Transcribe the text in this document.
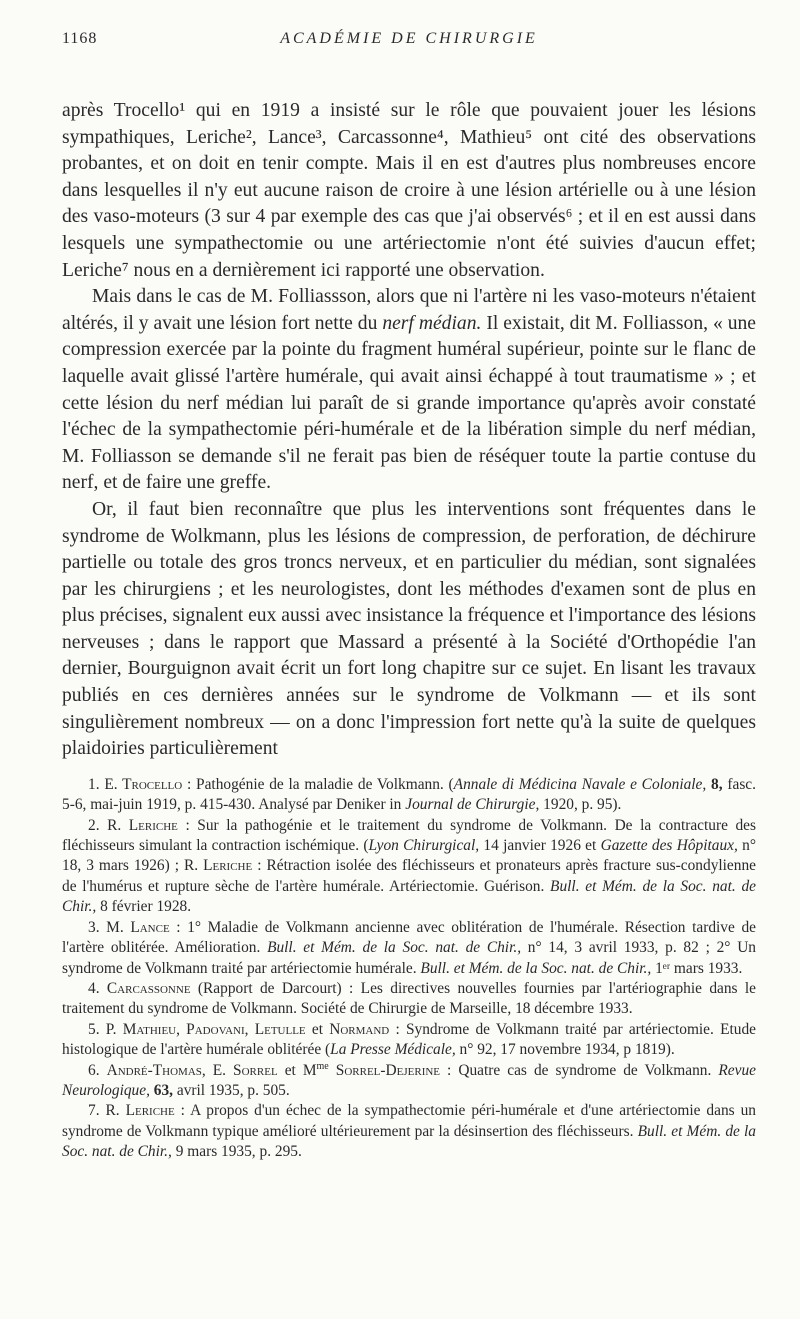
1168	ACADÉMIE DE CHIRURGIE

après Trocello¹ qui en 1919 a insisté sur le rôle que pouvaient jouer les lésions sympathiques, Leriche², Lance³, Carcassonne⁴, Mathieu⁵ ont cité des observations probantes, et on doit en tenir compte. Mais il en est d'autres plus nombreuses encore dans lesquelles il n'y eut aucune raison de croire à une lésion artérielle ou à une lésion des vaso-moteurs (3 sur 4 par exemple des cas que j'ai observés⁶ ; et il en est aussi dans lesquels une sympathectomie ou une artériectomie n'ont été suivies d'aucun effet; Leriche⁷ nous en a dernièrement ici rapporté une observation.

Mais dans le cas de M. Folliassson, alors que ni l'artère ni les vaso-moteurs n'étaient altérés, il y avait une lésion fort nette du nerf médian. Il existait, dit M. Folliasson, « une compression exercée par la pointe du fragment huméral supérieur, pointe sur le flanc de laquelle avait glissé l'artère humérale, qui avait ainsi échappé à tout traumatisme » ; et cette lésion du nerf médian lui paraît de si grande importance qu'après avoir constaté l'échec de la sympathectomie péri-humérale et de la libération simple du nerf médian, M. Folliasson se demande s'il ne ferait pas bien de réséquer toute la partie contuse du nerf, et de faire une greffe.

Or, il faut bien reconnaître que plus les interventions sont fréquentes dans le syndrome de Wolkmann, plus les lésions de compression, de perforation, de déchirure partielle ou totale des gros troncs nerveux, et en particulier du médian, sont signalées par les chirurgiens ; et les neurologistes, dont les méthodes d'examen sont de plus en plus précises, signalent eux aussi avec insistance la fréquence et l'importance des lésions nerveuses ; dans le rapport que Massard a présenté à la Société d'Orthopédie l'an dernier, Bourguignon avait écrit un fort long chapitre sur ce sujet. En lisant les travaux publiés en ces dernières années sur le syndrome de Volkmann — et ils sont singulièrement nombreux — on a donc l'impression fort nette qu'à la suite de quelques plaidoiries particulièrement

1. E. Trocello : Pathogénie de la maladie de Volkmann. (Annale di Médicina Navale e Coloniale, 8, fasc. 5-6, mai-juin 1919, p. 415-430. Analysé par Deniker in Journal de Chirurgie, 1920, p. 95).

2. R. Leriche : Sur la pathogénie et le traitement du syndrome de Volkmann. De la contracture des fléchisseurs simulant la contraction ischémique. (Lyon Chirurgical, 14 janvier 1926 et Gazette des Hôpitaux, n° 18, 3 mars 1926) ; R. Leriche : Rétraction isolée des fléchisseurs et pronateurs après fracture sus-condylienne de l'humérus et rupture sèche de l'artère humérale. Artériectomie. Guérison. Bull. et Mém. de la Soc. nat. de Chir., 8 février 1928.

3. M. Lance : 1° Maladie de Volkmann ancienne avec oblitération de l'humérale. Résection tardive de l'artère oblitérée. Amélioration. Bull. et Mém. de la Soc. nat. de Chir., n° 14, 3 avril 1933, p. 82 ; 2° Un syndrome de Volkmann traité par artériectomie humérale. Bull. et Mém. de la Soc. nat. de Chir., 1ᵉʳ mars 1933.

4. Carcassonne (Rapport de Darcourt) : Les directives nouvelles fournies par l'artériographie dans le traitement du syndrome de Volkmann. Société de Chirurgie de Marseille, 18 décembre 1933.

5. P. Mathieu, Padovani, Letulle et Normand : Syndrome de Volkmann traité par artériectomie. Etude histologique de l'artère humérale oblitérée (La Presse Médicale, n° 92, 17 novembre 1934, p 1819).

6. André-Thomas, E. Sorrel et $M^{me}$ Sorrel-Dejerine : Quatre cas de syndrome de Volkmann. Revue Neurologique, 63, avril 1935, p. 505.

7. R. Leriche : A propos d'un échec de la sympathectomie péri-humérale et d'une artériectomie dans un syndrome de Volkmann typique amélioré ultérieurement par la désinsertion des fléchisseurs. Bull. et Mém. de la Soc. nat. de Chir., 9 mars 1935, p. 295.
